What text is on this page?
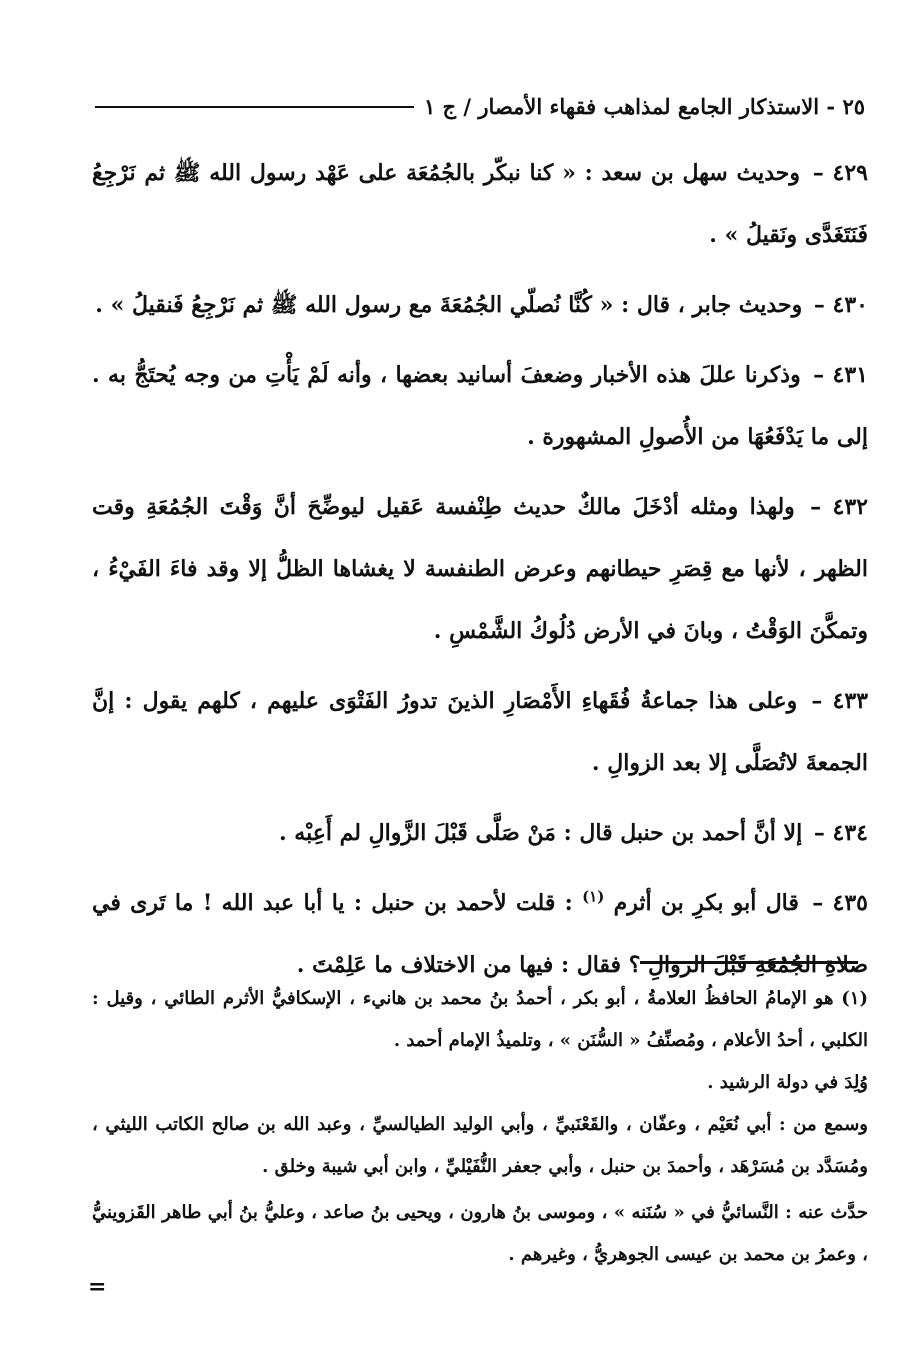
٢٥ - الاستذكار الجامع لمذاهب فقهاء الأمصار / ج ١

٤٢٩ – وحديث سهل بن سعد : « كنا نبكّر بالجُمُعَة على عَهْد رسول الله ﷺ ثم نَرْجِعُ فَنَتَغَدَّى ونَقيلُ » .

٤٣٠ – وحديث جابر ، قال : « كُنَّا نُصلّي الجُمُعَةَ مع رسول الله ﷺ ثم نَرْجِعُ فَنقيلُ » .

٤٣١ – وذكرنا عللَ هذه الأخبار وضعفَ أسانيد بعضها ، وأنه لَمْ يَأْتِ من وجه يُحتَجُّ به . إلى ما يَدْفَعُهَا من الأُصولِ المشهورة .

٤٣٢ – ولهذا ومثله أدْخَلَ مالكٌ حديث طِنْفسة عَقيل ليوضِّحَ أنَّ وَقْتَ الجُمُعَةِ وقت الظهر ، لأنها مع قِصَرِ حيطانهم وعرض الطنفسة لا يغشاها الظلُّ إلا وقد فاءَ الفَيْءُ ، وتمكَّنَ الوَقْتُ ، وبانَ في الأرض دُلُوكُ الشَّمْسِ .

٤٣٣ – وعلى هذا جماعةُ فُقَهاءِ الأَمْصَارِ الذينَ تدورُ الفَتْوَى عليهم ، كلهم يقول : إنَّ الجمعةَ لاتُصَلَّى إلا بعد الزوالِ .

٤٣٤ – إلا أنَّ أحمد بن حنبل قال : مَنْ صَلَّى قَبْلَ الزَّوالِ لم أَعِبْه .

٤٣٥ – قال أبو بكرِ بن أثرم $^{(١)}$ : قلت لأحمد بن حنبل : يا أبا عبد الله ! ما تَرى في صلاةِ الجُمُعَةِ قَبْلَ الزوالِ ؟ فقال : فيها من الاختلاف ما عَلِمْتَ .

(١) هو الإمامُ الحافظُ العلامةُ ، أبو بكر ، أحمدُ بنُ محمد بن هانيء ، الإسكافيُّ الأثرم الطائي ، وقيل : الكلبي ، أحدُ الأعلام ، ومُصنِّفُ « السُّنَن » ، وتلميذُ الإمام أحمد .

وُلِدَ في دولة الرشيد .

وسمع من : أبي نُعَيْم ، وعفّان ، والقَعْنَبيِّ ، وأبي الوليد الطيالسيِّ ، وعبد الله بن صالح الكاتب الليثي ، ومُسَدَّد بن مُسَرْهَد ، وأحمدَ بن حنبل ، وأبي جعفر النُّفَيْليِّ ، وابن أبي شيبة وخلق .

حدَّث عنه : النَّسائيُّ في « سُنَنه » ، وموسى بنُ هارون ، ويحيى بنُ صاعد ، وعليُّ بنُ أبي طاهر القَزوينيُّ ، وعمرُ بن محمد بن عيسى الجوهريُّ ، وغيرهم .

=
